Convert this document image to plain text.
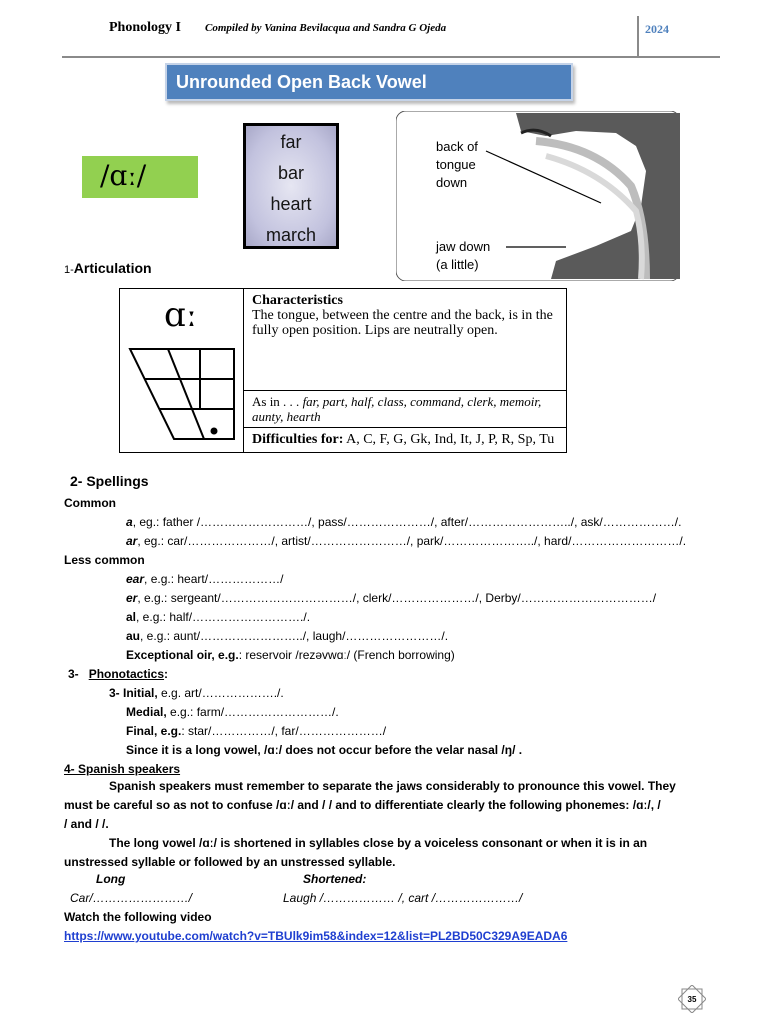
Phonology I Compiled by Vanina Bevilacqua and Sandra G Ojeda	2024
Unrounded Open Back Vowel
/ɑː/
far
bar
heart
march
back of
tongue
down
jaw down
(a little)
1-Articulation
ɑː	Characteristics
The tongue, between the centre and the back, is in the fully open position. Lips are neutrally open.
As in . . . far, part, half, class, command, clerk, memoir, aunty, hearth
Difficulties for: A, C, F, G, Gk, Ind, It, J, P, R, Sp, Tu
2- Spellings
Common
a, eg.: father /………………………/, pass/…………………/, after/……………………../, ask/………………/.
ar, eg.: car/…………………/, artist/……………………/, park/…………………../, hard/………………………/.
Less common
ear, e.g.: heart/………………/
er, e.g.: sergeant/……………………………/, clerk/…………………/, Derby/……………………………/
al, e.g.: half/………………………./.
au, e.g.: aunt/……………………../, laugh/……………………/.
Exceptional oir, e.g.: reservoir /rezəvwɑː/ (French borrowing)
3- Phonotactics:
3- Initial, e.g. art/………………./.
Medial, e.g.: farm/………………………/.
Final, e.g.: star/……………/, far/…………………/
Since it is a long vowel, /ɑː/ does not occur before the velar nasal /ŋ/ .
4- Spanish speakers
Spanish speakers must remember to separate the jaws considerably to pronounce this vowel. They
must be careful so as not to confuse /ɑː/ and / / and to differentiate clearly the following phonemes: /ɑː/, /
/ and / /.
The long vowel /ɑː/ is shortened in syllables close by a voiceless consonant or when it is in an
unstressed syllable or followed by an unstressed syllable.
Long	Shortened:
Car/……………………/	Laugh /……………… /, cart /…………………/
Watch the following video
https://www.youtube.com/watch?v=TBUlk9im58&index=12&list=PL2BD50C329A9EADA6
35
